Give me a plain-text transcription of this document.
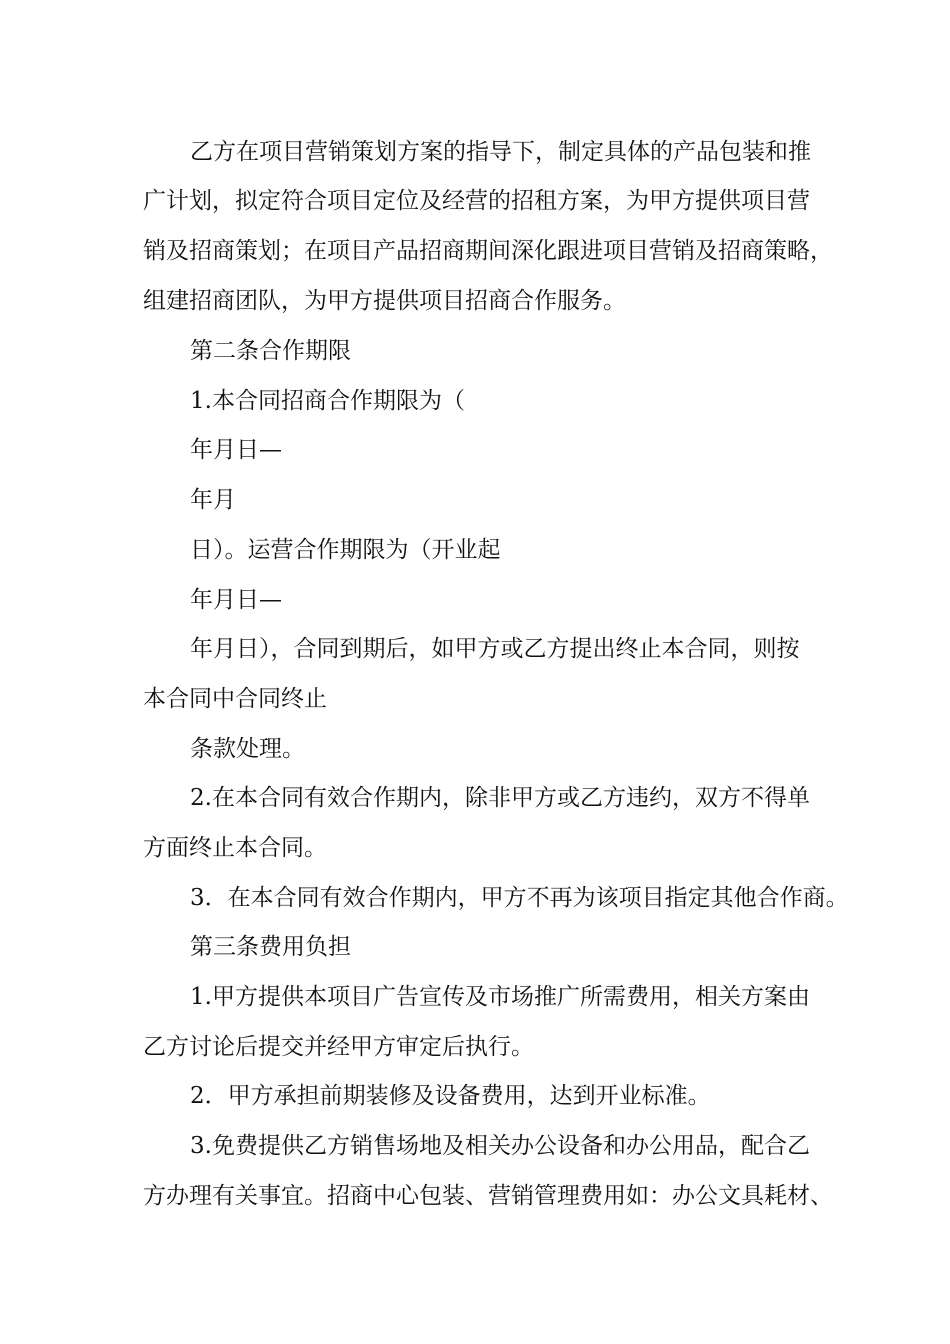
乙方在项目营销策划方案的指导下，制定具体的产品包装和推
广计划，拟定符合项目定位及经营的招租方案，为甲方提供项目营
销及招商策划；在项目产品招商期间深化跟进项目营销及招商策略，
组建招商团队，为甲方提供项目招商合作服务。
第二条合作期限
1.本合同招商合作期限为（
年月日—
年月
日）。运营合作期限为（开业起
年月日—
年月日），合同到期后，如甲方或乙方提出终止本合同，则按
本合同中合同终止
条款处理。
2.在本合同有效合作期内，除非甲方或乙方违约，双方不得单
方面终止本合同。
3．在本合同有效合作期内，甲方不再为该项目指定其他合作商。
第三条费用负担
1.甲方提供本项目广告宣传及市场推广所需费用，相关方案由
乙方讨论后提交并经甲方审定后执行。
2．甲方承担前期装修及设备费用，达到开业标准。
3.免费提供乙方销售场地及相关办公设备和办公用品，配合乙
方办理有关事宜。招商中心包装、营销管理费用如：办公文具耗材、
